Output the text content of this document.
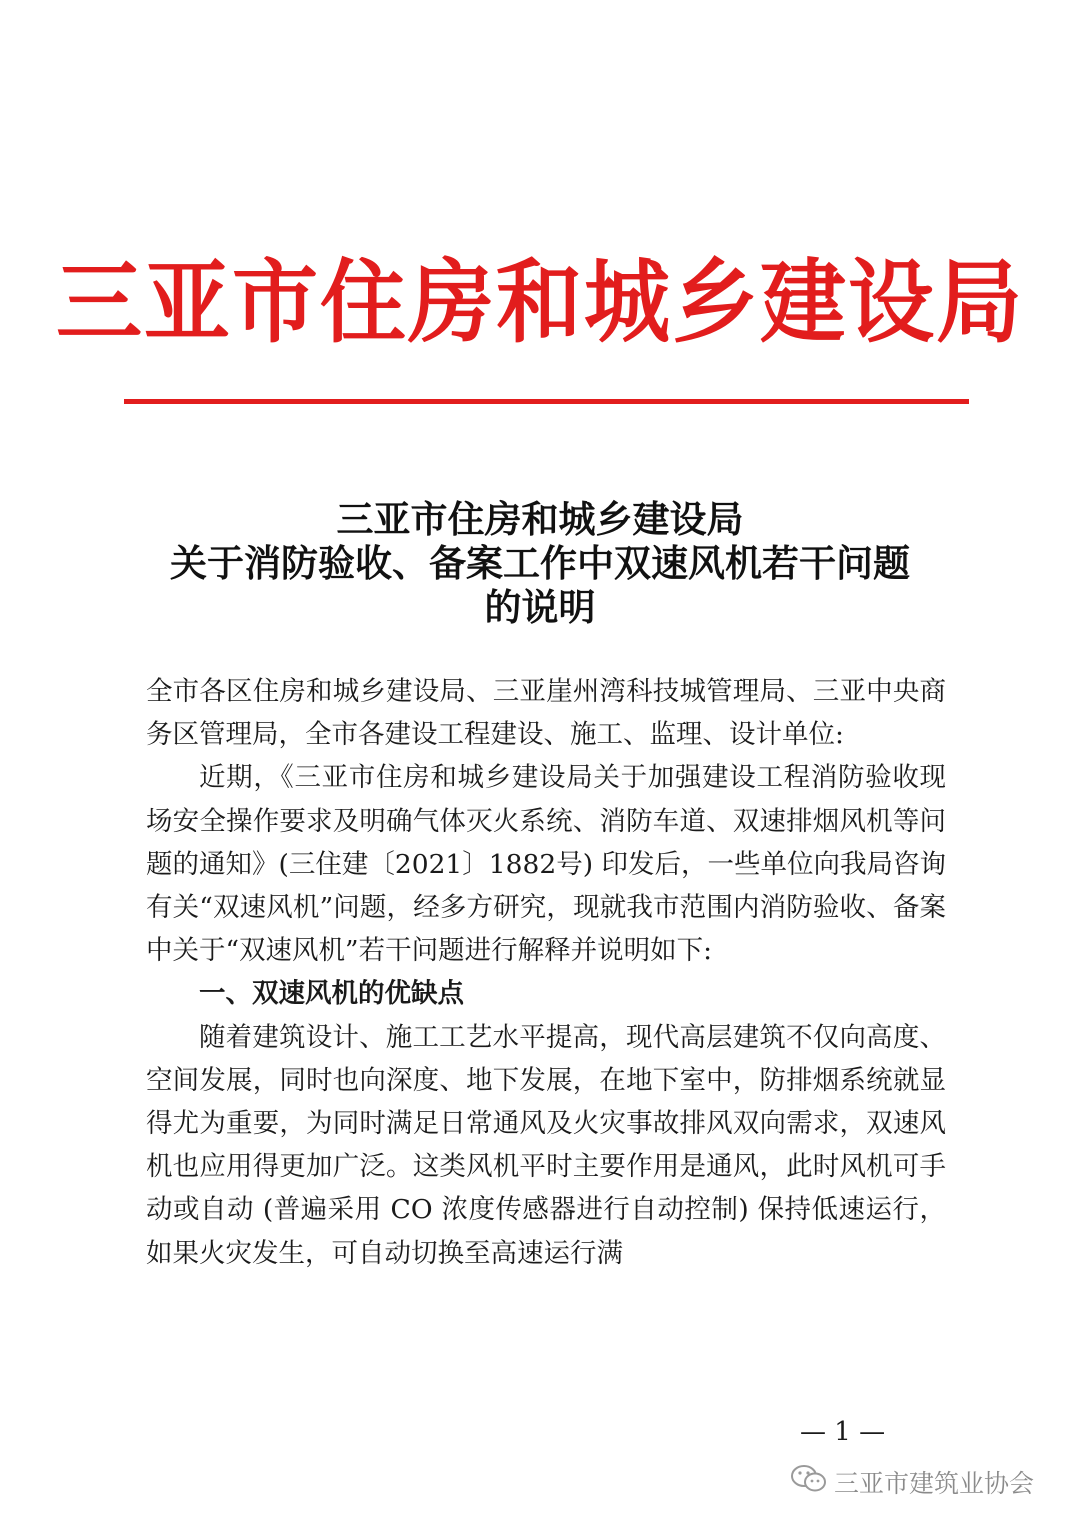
三亚市住房和城乡建设局
三亚市住房和城乡建设局
关于消防验收、备案工作中双速风机若干问题
的说明

全市各区住房和城乡建设局、三亚崖州湾科技城管理局、三亚中央商务区管理局，全市各建设工程建设、施工、监理、设计单位:

近期，《三亚市住房和城乡建设局关于加强建设工程消防验收现场安全操作要求及明确气体灭火系统、消防车道、双速排烟风机等问题的通知》(三住建〔2021〕1882号) 印发后，一些单位向我局咨询有关“双速风机”问题，经多方研究，现就我市范围内消防验收、备案中关于“双速风机”若干问题进行解释并说明如下:

一、双速风机的优缺点

随着建筑设计、施工工艺水平提高，现代高层建筑不仅向高度、空间发展，同时也向深度、地下发展，在地下室中，防排烟系统就显得尤为重要，为同时满足日常通风及火灾事故排风双向需求，双速风机也应用得更加广泛。这类风机平时主要作用是通风，此时风机可手动或自动 (普遍采用 CO 浓度传感器进行自动控制) 保持低速运行，如果火灾发生，可自动切换至高速运行满

— 1 —
三亚市建筑业协会
